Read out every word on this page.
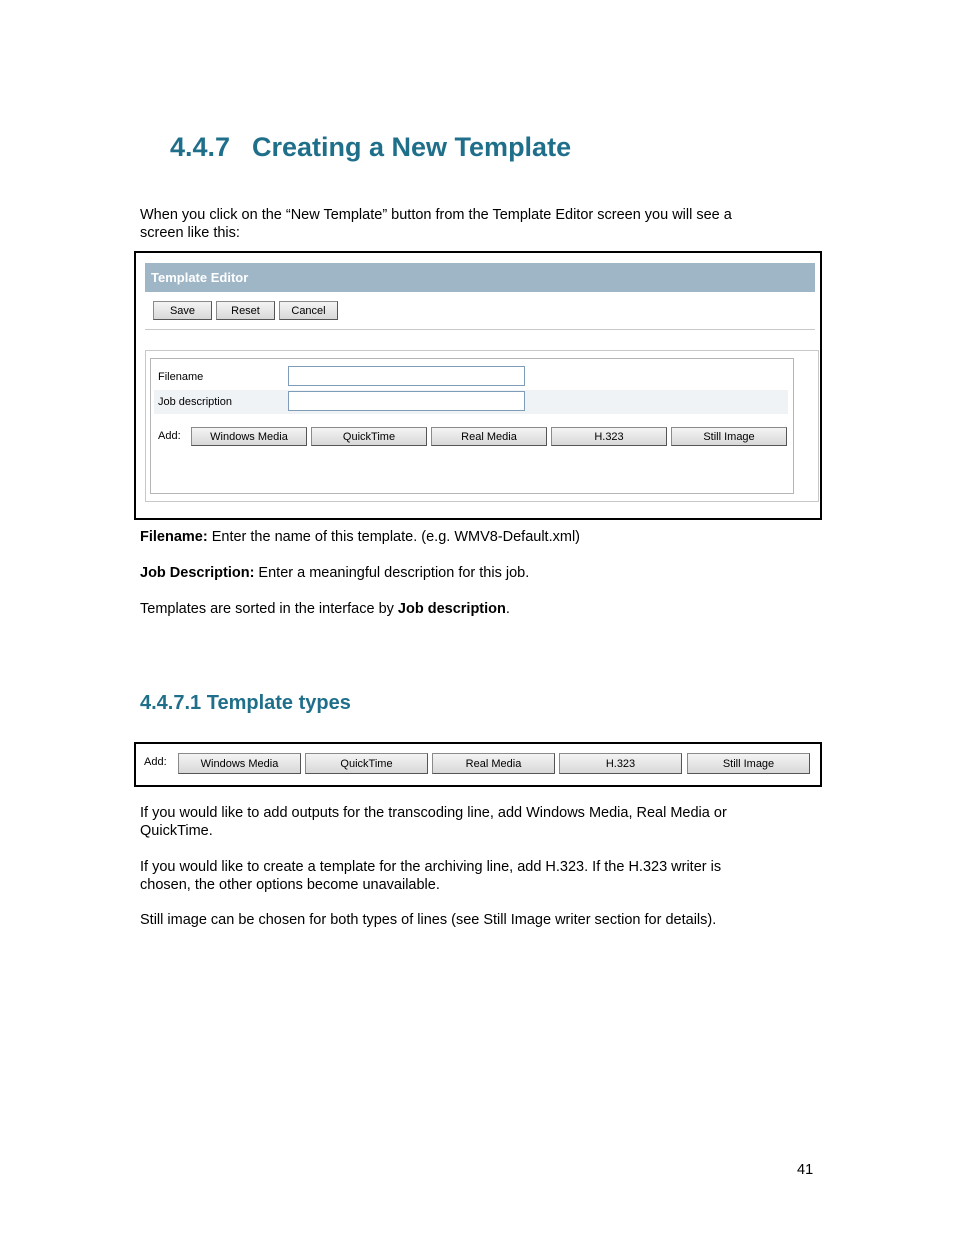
4.4.7 Creating a New Template
When you click on the “New Template” button from the Template Editor screen you will see a
screen like this:
Template Editor
Save	Reset	Cancel
Filename
Job description
Add:	Windows Media	QuickTime	Real Media	H.323	Still Image
Filename: Enter the name of this template. (e.g. WMV8-Default.xml)
Job Description: Enter a meaningful description for this job.
Templates are sorted in the interface by Job description.
4.4.7.1 Template types
Add:	Windows Media	QuickTime	Real Media	H.323	Still Image
If you would like to add outputs for the transcoding line, add Windows Media, Real Media or
QuickTime.
If you would like to create a template for the archiving line, add H.323. If the H.323 writer is
chosen, the other options become unavailable.
Still image can be chosen for both types of lines (see Still Image writer section for details).
41
